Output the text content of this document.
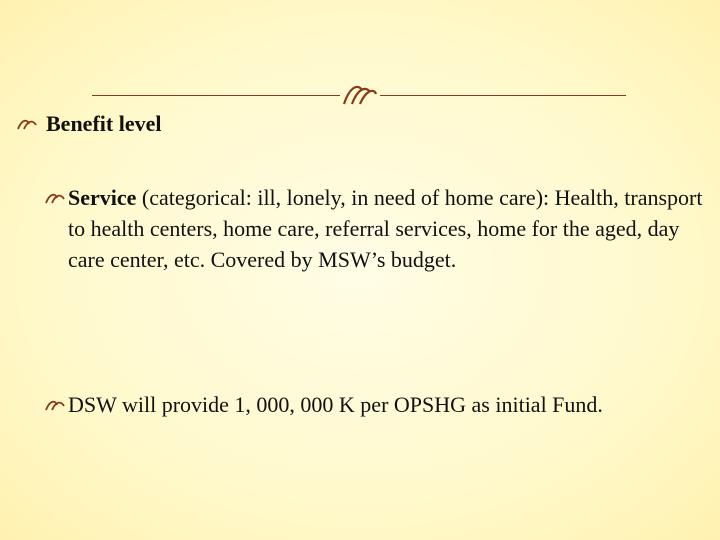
Benefit level
Service (categorical: ill, lonely, in need of home care): Health, transport to health centers, home care, referral services, home for the aged, day care center, etc. Covered by MSW’s budget.
DSW will provide 1, 000, 000 K per OPSHG as initial Fund.
